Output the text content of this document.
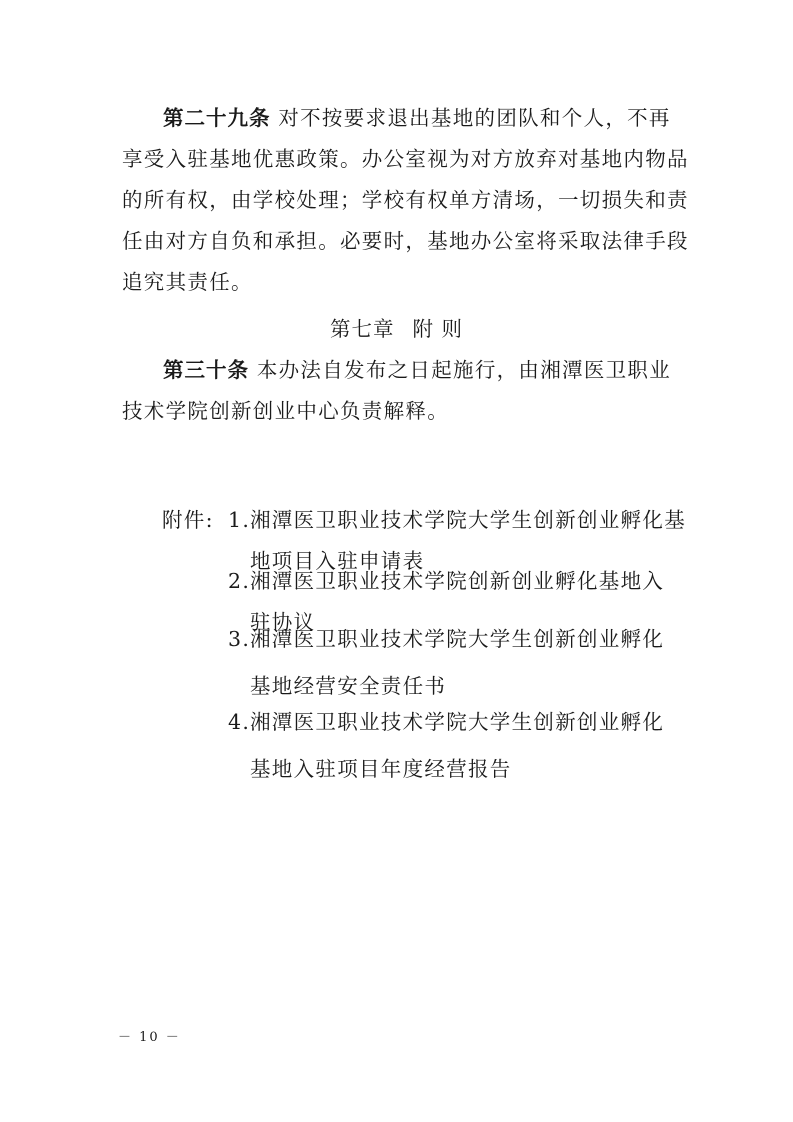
第二十九条 对不按要求退出基地的团队和个人，不再
享受入驻基地优惠政策。办公室视为对方放弃对基地内物品
的所有权，由学校处理；学校有权单方清场，一切损失和责
任由对方自负和承担。必要时，基地办公室将采取法律手段
追究其责任。
第七章 附 则
第三十条 本办法自发布之日起施行，由湘潭医卫职业
技术学院创新创业中心负责解释。
附件: 1.湘潭医卫职业技术学院大学生创新创业孵化基
地项目入驻申请表
2.湘潭医卫职业技术学院创新创业孵化基地入
驻协议
3.湘潭医卫职业技术学院大学生创新创业孵化
基地经营安全责任书
4.湘潭医卫职业技术学院大学生创新创业孵化
基地入驻项目年度经营报告
－ 10 －
